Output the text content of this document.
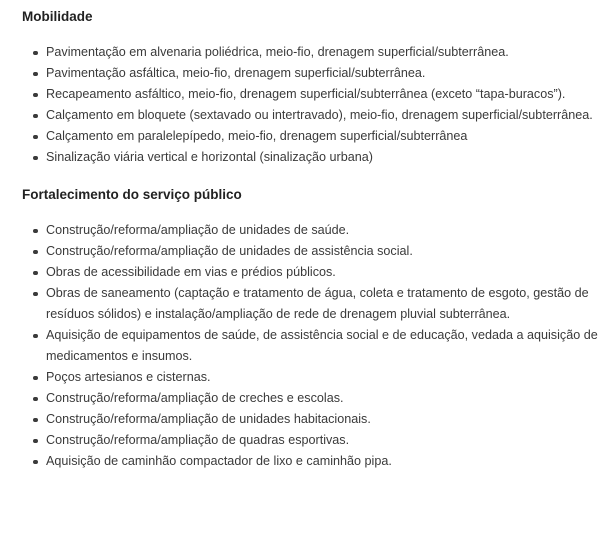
Mobilidade
Pavimentação em alvenaria poliédrica, meio-fio, drenagem superficial/subterrânea.
Pavimentação asfáltica, meio-fio, drenagem superficial/subterrânea.
Recapeamento asfáltico, meio-fio, drenagem superficial/subterrânea (exceto “tapa-buracos”).
Calçamento em bloquete (sextavado ou intertravado), meio-fio, drenagem superficial/subterrânea.
Calçamento em paralelepípedo, meio-fio, drenagem superficial/subterrânea
Sinalização viária vertical e horizontal (sinalização urbana)
Fortalecimento do serviço público
Construção/reforma/ampliação de unidades de saúde.
Construção/reforma/ampliação de unidades de assistência social.
Obras de acessibilidade em vias e prédios públicos.
Obras de saneamento (captação e tratamento de água, coleta e tratamento de esgoto, gestão de resíduos sólidos) e instalação/ampliação de rede de drenagem pluvial subterrânea.
Aquisição de equipamentos de saúde, de assistência social e de educação, vedada a aquisição de medicamentos e insumos.
Poços artesianos e cisternas.
Construção/reforma/ampliação de creches e escolas.
Construção/reforma/ampliação de unidades habitacionais.
Construção/reforma/ampliação de quadras esportivas.
Aquisição de caminhão compactador de lixo e caminhão pipa.
